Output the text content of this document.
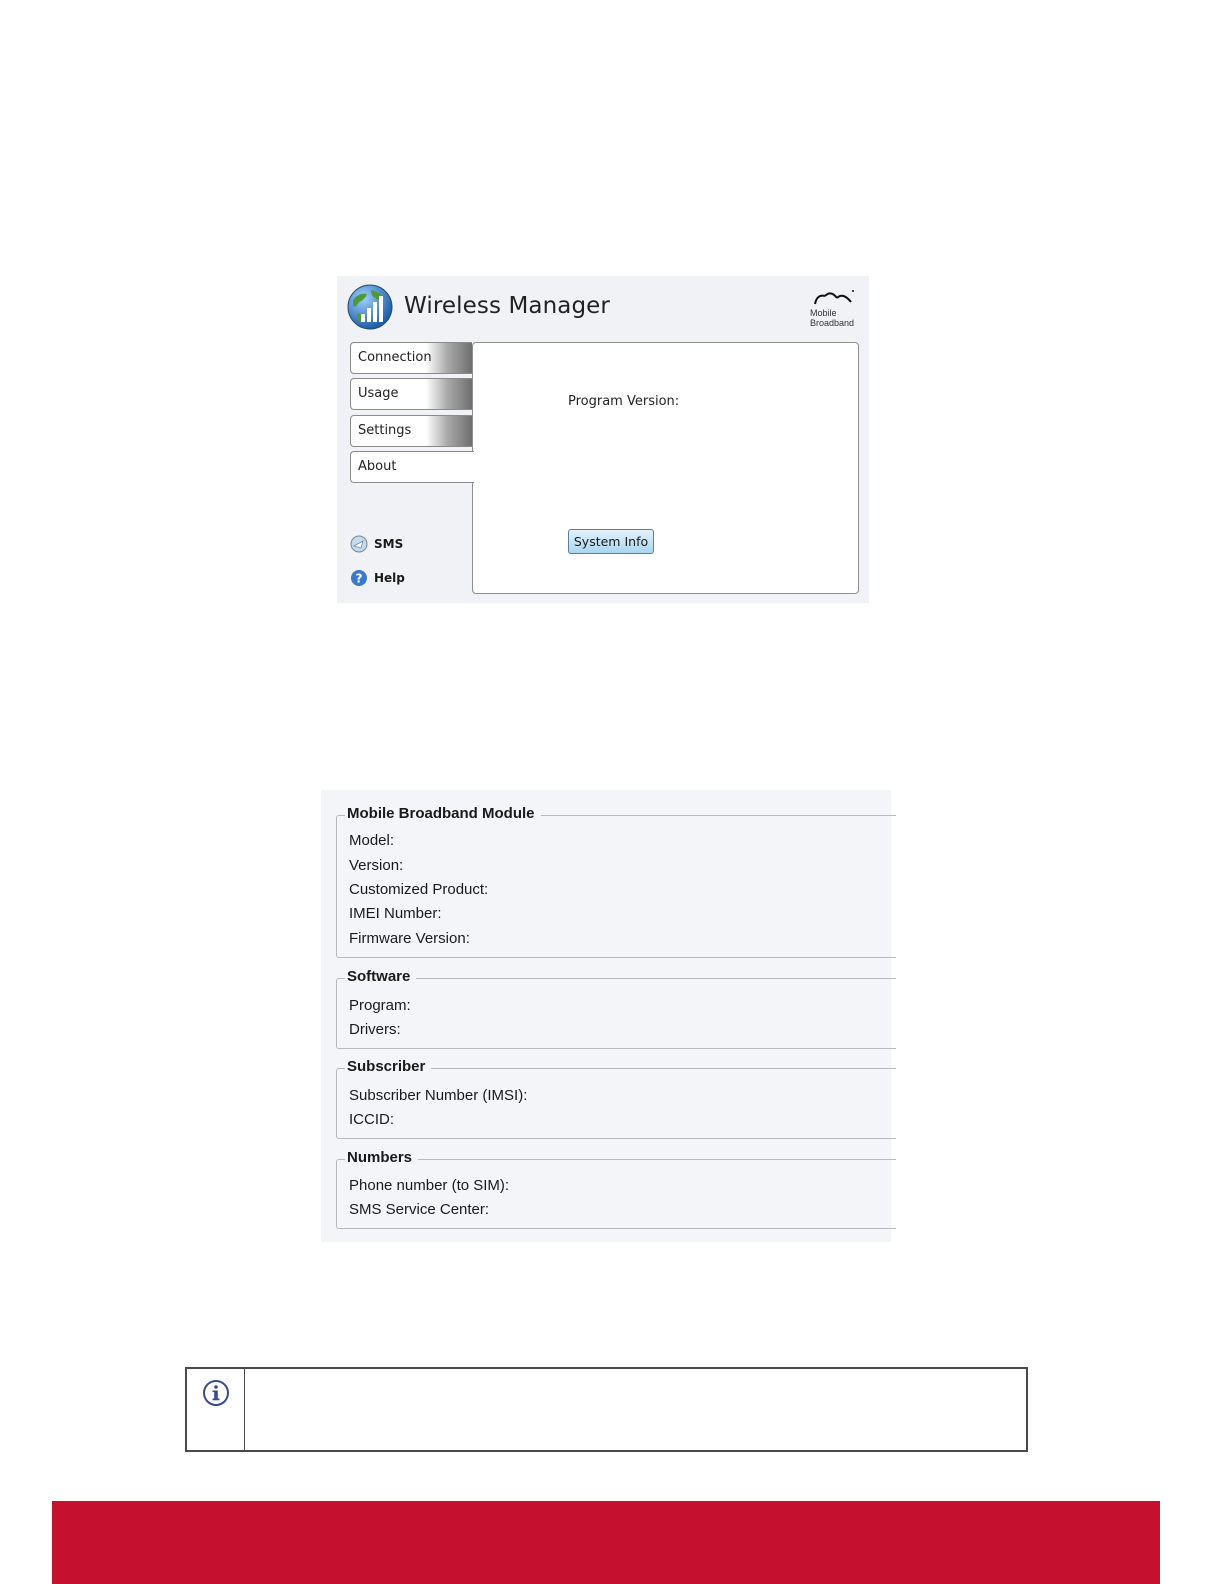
Wireless Manager	Mobile
Broadband
Connection
Usage
Settings
About
Program Version:
System Info
SMS
? Help
Mobile Broadband Module
Model:
Version:
Customized Product:
IMEI Number:
Firmware Version:
Software
Program:
Drivers:
Subscriber
Subscriber Number (IMSI):
ICCID:
Numbers
Phone number (to SIM):
SMS Service Center:
